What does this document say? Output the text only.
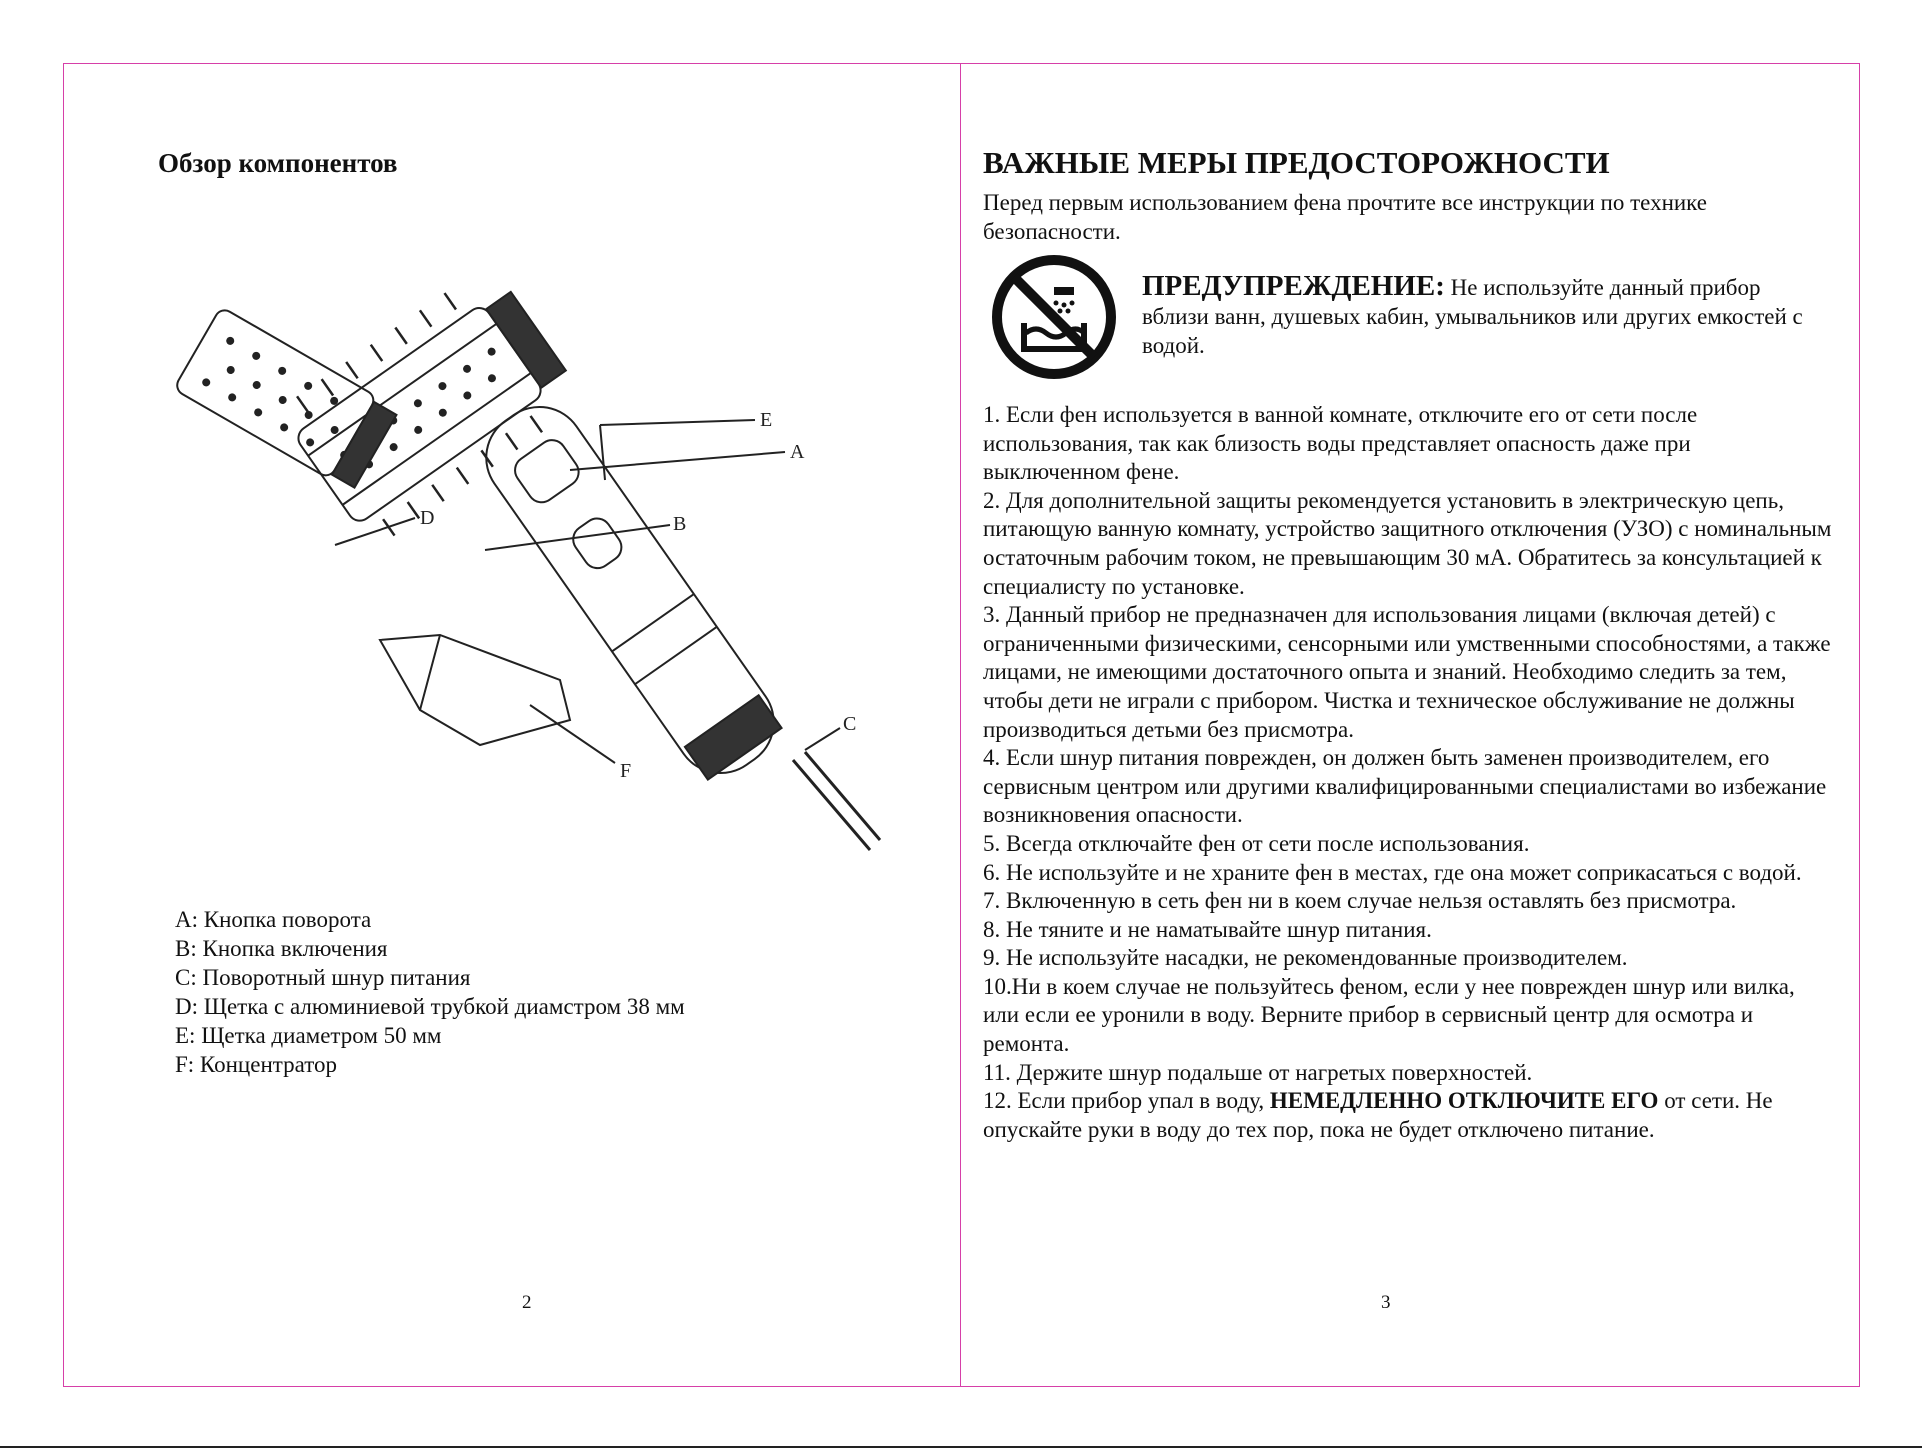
Обзор компонентов
E
A
D	B
C
F

A: Кнопка поворота

B: Кнопка включения

C: Поворотный шнур питания

D: Щетка с алюминиевой трубкой диамстром 38 мм

E: Щетка диаметром 50 мм

F: Концентратор

2
ВАЖНЫЕ МЕРЫ ПРЕДОСТОРОЖНОСТИ
Перед первым использованием фена прочтите все инструкции по технике безопасности.
ПРЕДУПРЕЖДЕНИЕ: Не используйте данный прибор вблизи ванн, душевых кабин, умывальников или других емкостей с водой.

1. Если фен используется в ванной комнате, отключите его от сети после использования, так как близость воды представляет опасность даже при выключенном фене.

2. Для дополнительной защиты рекомендуется установить в электрическую цепь, питающую ванную комнату, устройство защитного отключения (УЗО) с номинальным остаточным рабочим током, не превышающим 30 мА. Обратитесь за консультацией к специалисту по установке.

3. Данный прибор не предназначен для использования лицами (включая детей) с ограниченными физическими, сенсорными или умственными способностями, а также лицами, не имеющими достаточного опыта и знаний. Необходимо следить за тем, чтобы дети не играли с прибором. Чистка и техническое обслуживание не должны производиться детьми без присмотра.

4. Если шнур питания поврежден, он должен быть заменен производителем, его сервисным центром или другими квалифицированными специалистами во избежание возникновения опасности.

5. Всегда отключайте фен от сети после использования.

6. Не используйте и не храните фен в местах, где она может соприкасаться с водой.

7. Включенную в сеть фен ни в коем случае нельзя оставлять без присмотра.

8. Не тяните и не наматывайте шнур питания.

9. Не используйте насадки, не рекомендованные производителем.

10.Ни в коем случае не пользуйтесь феном, если у нее поврежден шнур или вилка, или если ее уронили в воду. Верните прибор в сервисный центр для осмотра и ремонта.

11. Держите шнур подальше от нагретых поверхностей.

12. Если прибор упал в воду, НЕМЕДЛЕННО ОТКЛЮЧИТЕ ЕГО от сети. Не опускайте руки в воду до тех пор, пока не будет отключено питание.

3
